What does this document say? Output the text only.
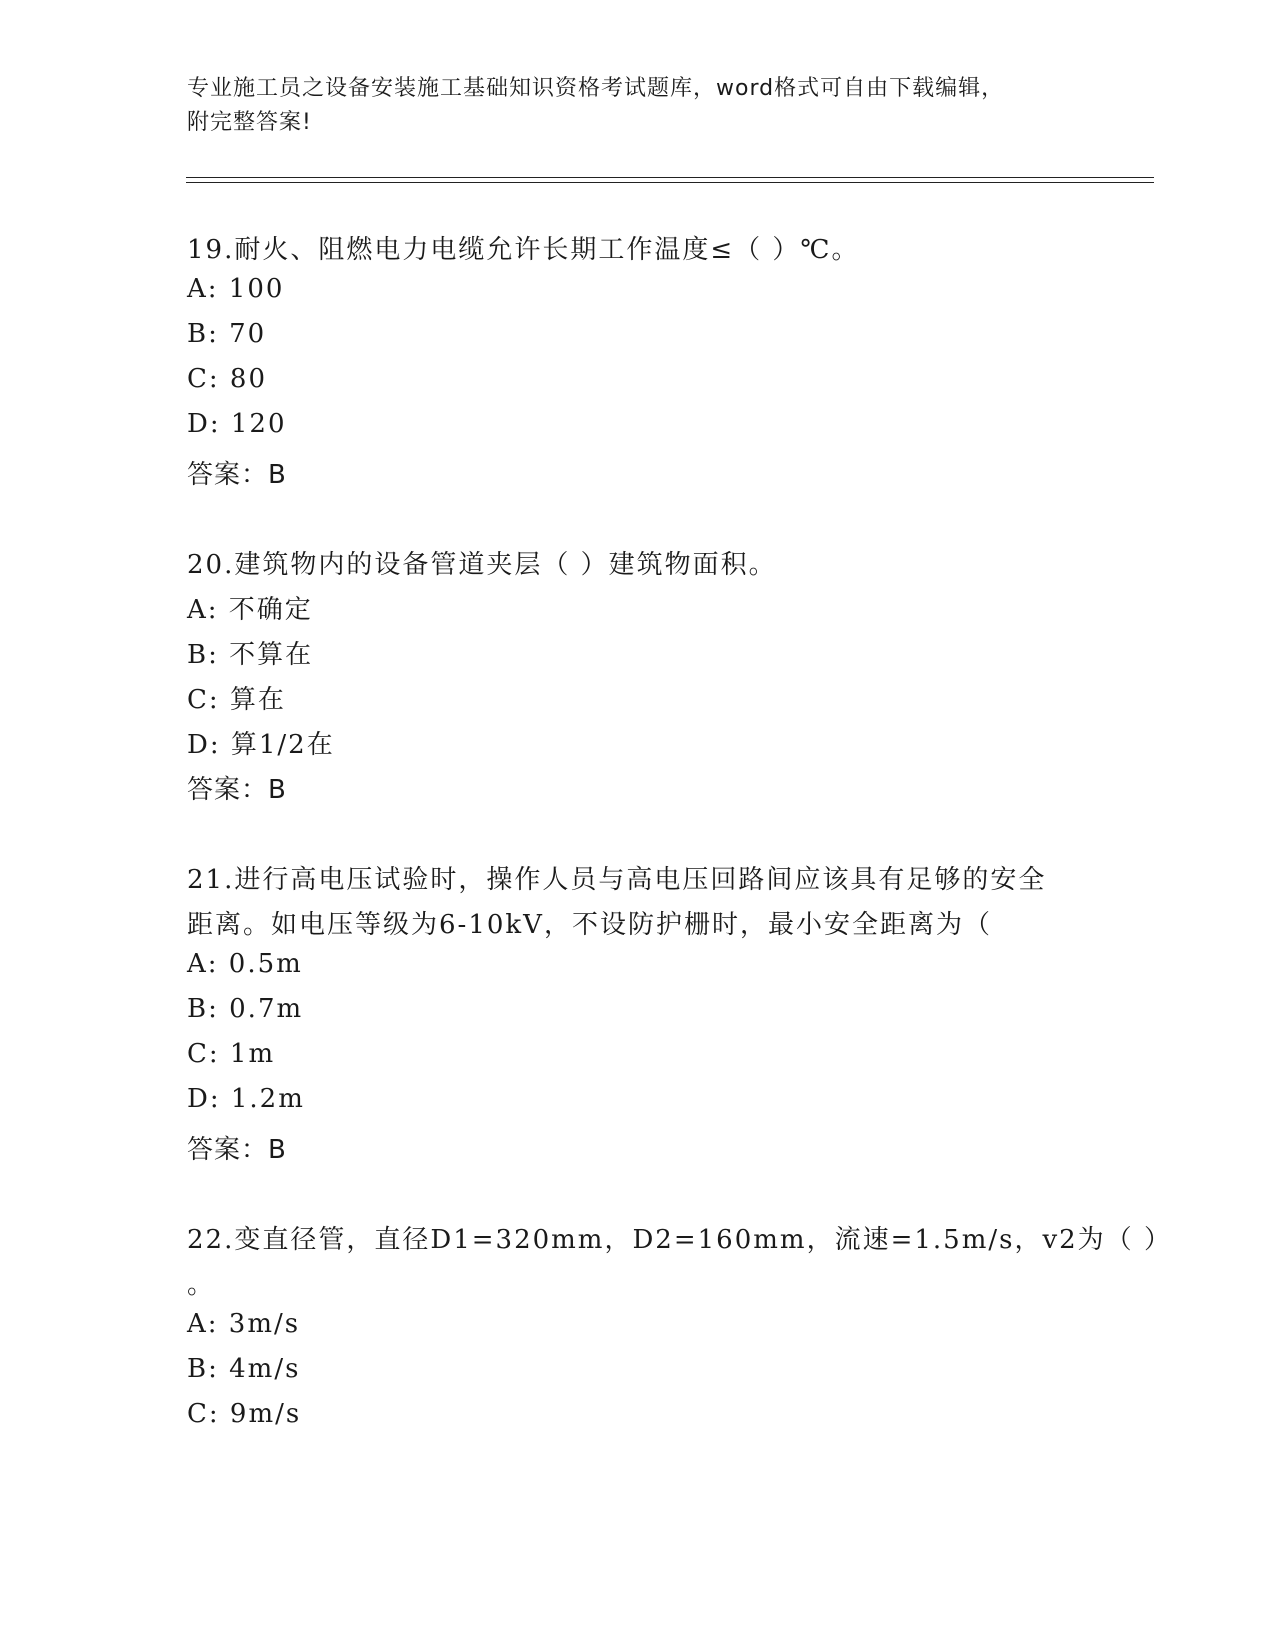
专业施工员之设备安装施工基础知识资格考试题库，word格式可自由下载编辑，
附完整答案!
19.耐火、阻燃电力电缆允许长期工作温度≤（ ）℃。
A: 100
B: 70
C: 80
D: 120
答案：B
20.建筑物内的设备管道夹层（ ）建筑物面积。
A: 不确定
B: 不算在
C: 算在
D: 算1/2在
答案：B
21.进行高电压试验时，操作人员与高电压回路间应该具有足够的安全
距离。如电压等级为6-10kV，不设防护栅时，最小安全距离为（
A: 0.5m
B: 0.7m
C: 1m
D: 1.2m
答案：B
22.变直径管，直径D1=320mm，D2=160mm，流速=1.5m/s，v2为（ ）
。
A: 3m/s
B: 4m/s
C: 9m/s
